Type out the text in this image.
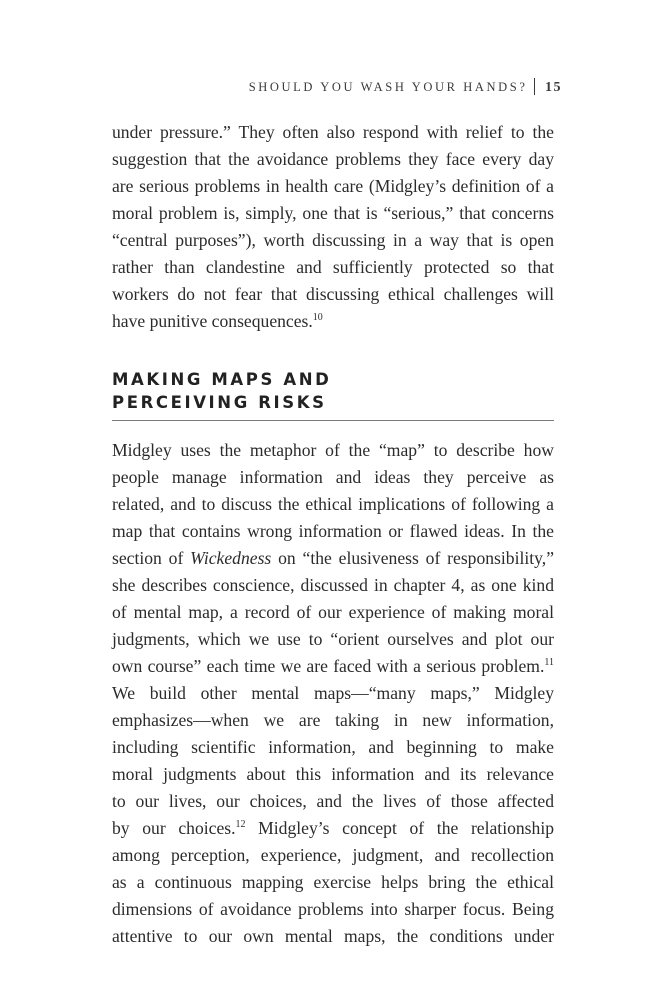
SHOULD YOU WASH YOUR HANDS? 15
under pressure.” They often also respond with relief to the
suggestion that the avoidance problems they face every day
are serious problems in health care (Midgley’s definition of a
moral problem is, simply, one that is “serious,” that concerns
“central purposes”), worth discussing in a way that is open
rather than clandestine and sufficiently protected so that
workers do not fear that discussing ethical challenges will
have punitive consequences.$^{10}$
MAKING MAPS AND
PERCEIVING RISKS
Midgley uses the metaphor of the “map” to describe how
people manage information and ideas they perceive as
related, and to discuss the ethical implications of following a
map that contains wrong information or flawed ideas. In the
section of Wickedness on “the elusiveness of responsibility,”
she describes conscience, discussed in chapter 4, as one kind
of mental map, a record of our experience of making moral
judgments, which we use to “orient ourselves and plot our
own course” each time we are faced with a serious problem.$^{11}$
We build other mental maps—“many maps,” Midgley
emphasizes—when we are taking in new information,
including scientific information, and beginning to make
moral judgments about this information and its relevance
to our lives, our choices, and the lives of those affected
by our choices.$^{12}$ Midgley’s concept of the relationship
among perception, experience, judgment, and recollection
as a continuous mapping exercise helps bring the ethical
dimensions of avoidance problems into sharper focus. Being
attentive to our own mental maps, the conditions under
